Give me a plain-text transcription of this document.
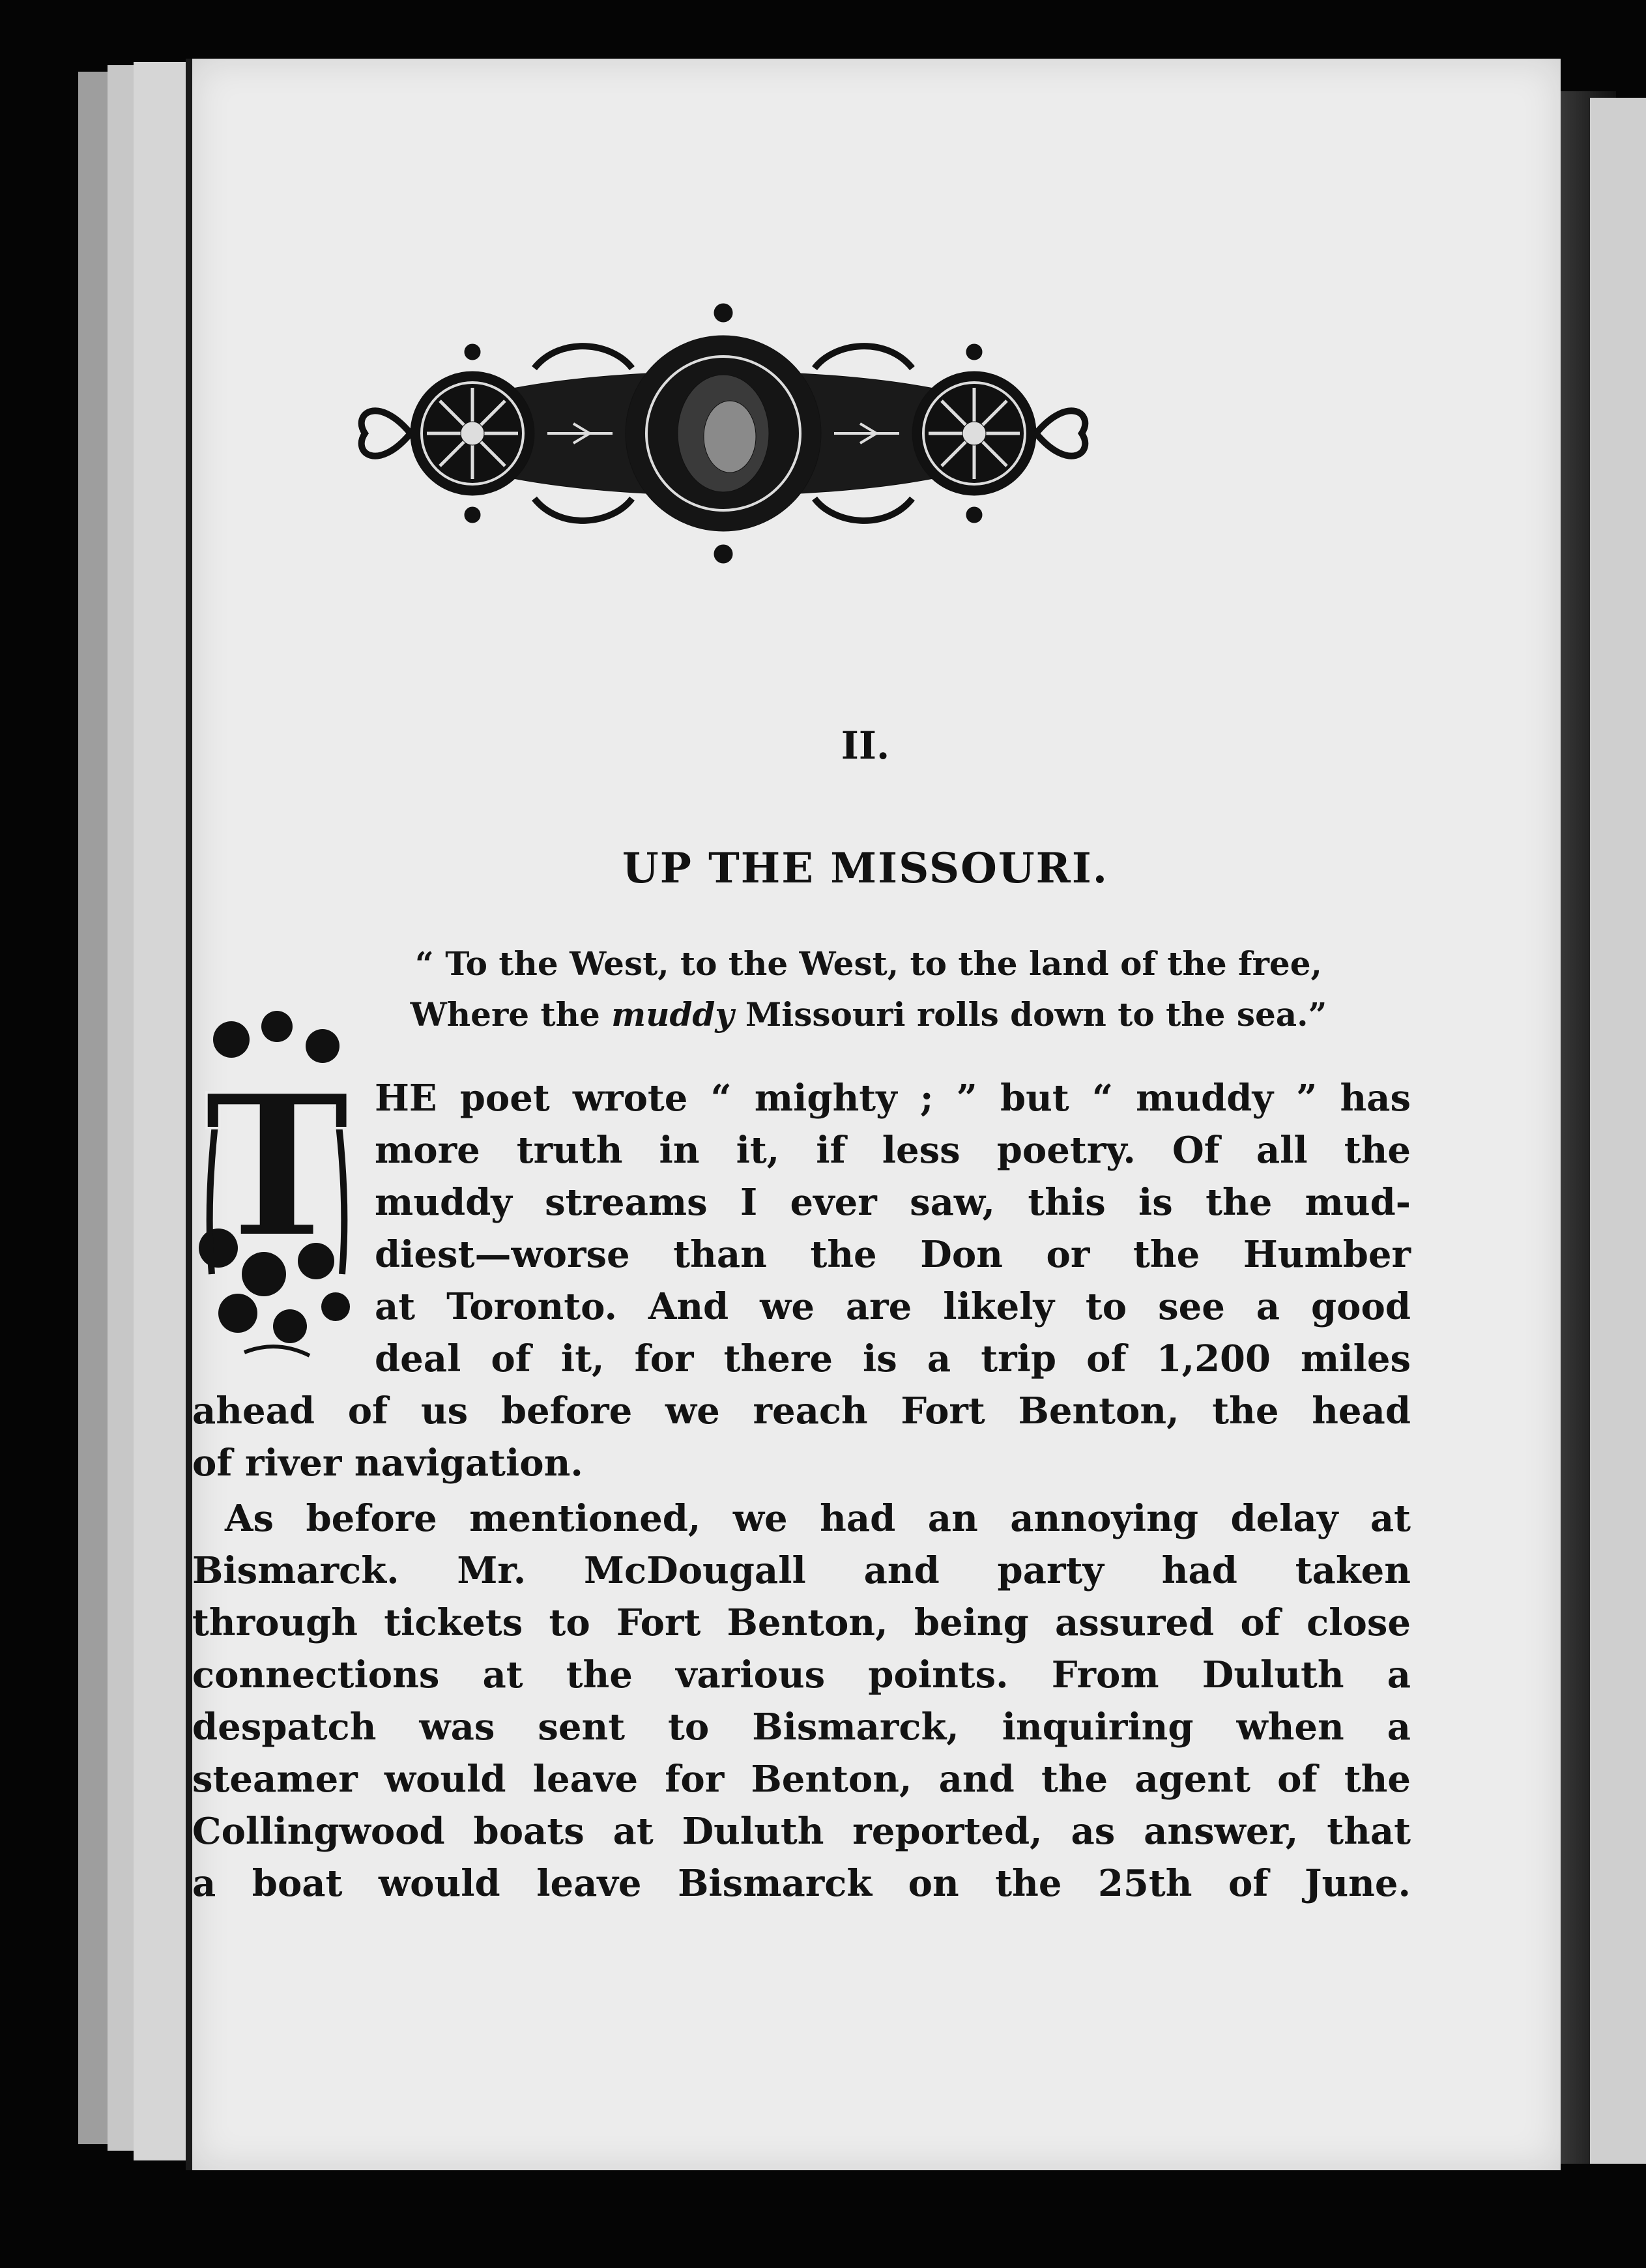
II.
UP THE MISSOURI.
“ To the West, to the West, to the land of the free,
Where the muddy Missouri rolls down to the sea.”
T HE poet wrote “ mighty ; ” but “ muddy ” has
more truth in it, if less poetry. Of all the
muddy streams I ever saw, this is the mud-
diest—worse than the Don or the Humber
at Toronto. And we are likely to see a good
deal of it, for there is a trip of 1,200 miles
ahead of us before we reach Fort Benton, the head
of river navigation.
As before mentioned, we had an annoying delay at
Bismarck. Mr. McDougall and party had taken
through tickets to Fort Benton, being assured of close
connections at the various points. From Duluth a
despatch was sent to Bismarck, inquiring when a
steamer would leave for Benton, and the agent of the
Collingwood boats at Duluth reported, as answer, that
a boat would leave Bismarck on the 25th of June.
